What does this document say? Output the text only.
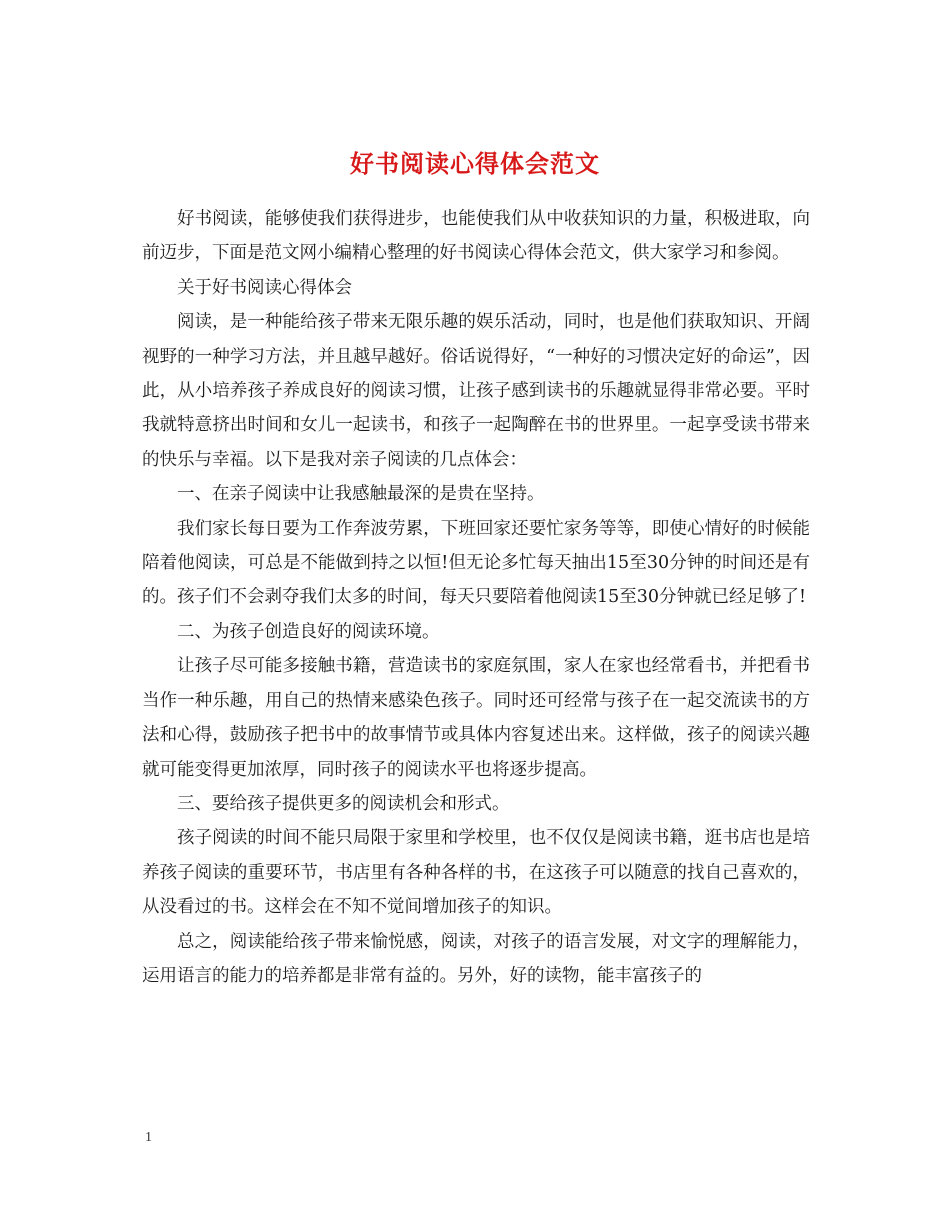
好书阅读心得体会范文

好书阅读，能够使我们获得进步，也能使我们从中收获知识的力量，积极进取，向前迈步，下面是范文网小编精心整理的好书阅读心得体会范文，供大家学习和参阅。

关于好书阅读心得体会

阅读，是一种能给孩子带来无限乐趣的娱乐活动，同时，也是他们获取知识、开阔视野的一种学习方法，并且越早越好。俗话说得好，“一种好的习惯决定好的命运”，因此，从小培养孩子养成良好的阅读习惯，让孩子感到读书的乐趣就显得非常必要。平时我就特意挤出时间和女儿一起读书，和孩子一起陶醉在书的世界里。一起享受读书带来的快乐与幸福。以下是我对亲子阅读的几点体会：

一、在亲子阅读中让我感触最深的是贵在坚持。

我们家长每日要为工作奔波劳累，下班回家还要忙家务等等，即使心情好的时候能陪着他阅读，可总是不能做到持之以恒!但无论多忙每天抽出15至30分钟的时间还是有的。孩子们不会剥夺我们太多的时间，每天只要陪着他阅读15至30分钟就已经足够了!

二、为孩子创造良好的阅读环境。

让孩子尽可能多接触书籍，营造读书的家庭氛围，家人在家也经常看书，并把看书当作一种乐趣，用自己的热情来感染色孩子。同时还可经常与孩子在一起交流读书的方法和心得，鼓励孩子把书中的故事情节或具体内容复述出来。这样做，孩子的阅读兴趣就可能变得更加浓厚，同时孩子的阅读水平也将逐步提高。

三、要给孩子提供更多的阅读机会和形式。

孩子阅读的时间不能只局限于家里和学校里，也不仅仅是阅读书籍，逛书店也是培养孩子阅读的重要环节，书店里有各种各样的书，在这孩子可以随意的找自己喜欢的，从没看过的书。这样会在不知不觉间增加孩子的知识。

总之，阅读能给孩子带来愉悦感，阅读，对孩子的语言发展，对文字的理解能力，运用语言的能力的培养都是非常有益的。另外，好的读物，能丰富孩子的

1
